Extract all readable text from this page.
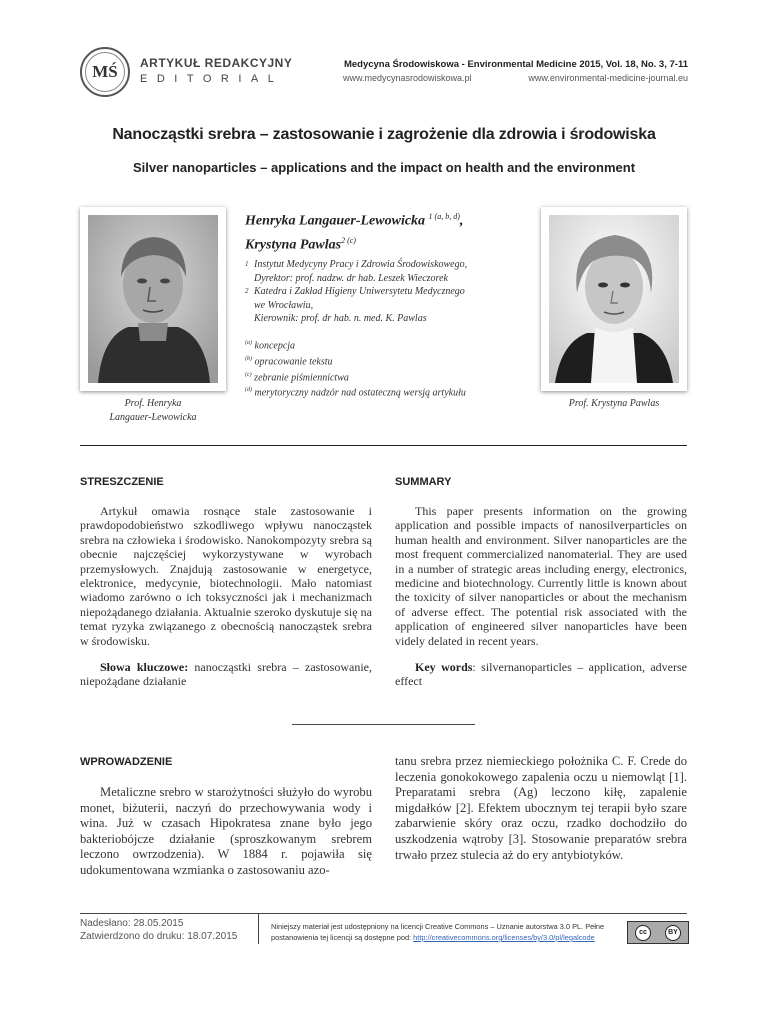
MŚ	ARTYKUŁ REDAKCYJNY
EDITORIAL
Medycyna Środowiskowa - Environmental Medicine 2015, Vol. 18, No. 3, 7-11
www.medycynasrodowiskowa.pl	www.environmental-medicine-journal.eu
Nanocząstki srebra – zastosowanie i zagrożenie dla zdrowia i środowiska
Silver nanoparticles – applications and the impact on health and the environment
Prof. Henryka
Langauer-Lewowicka
Prof. Krystyna Pawlas
Henryka Langauer-Lewowicka $^{1 (a, b, d)}$,
Krystyna Pawlas$^{2 (c)}$
1 Instytut Medycyny Pracy i Zdrowia Środowiskowego,
Dyrektor: prof. nadzw. dr hab. Leszek Wieczorek
2 Katedra i Zakład Higieny Uniwersytetu Medycznego
we Wrocławiu,
Kierownik: prof. dr hab. n. med. K. Pawlas
$^{(a)}$ koncepcja
$^{(b)}$ opracowanie tekstu
$^{(c)}$ zebranie piśmiennictwa
$^{(d)}$ merytoryczny nadzór nad ostateczną wersją artykułu
STRESZCZENIE
Artykuł omawia rosnące stale zastosowanie i prawdopodobieństwo szkodliwego wpływu nanocząstek srebra na człowieka i środowisko. Nanokompozyty srebra są obecnie najczęściej wykorzystywane w wyrobach przemysłowych. Znajdują zastosowanie w energetyce, elektronice, medycynie, biotechnologii. Mało natomiast wiadomo zarówno o ich toksyczności jak i mechanizmach niepożądanego działania. Aktualnie szeroko dyskutuje się na temat ryzyka związanego z obecnością nanocząstek srebra w środowisku.
Słowa kluczowe: nanocząstki srebra – zastosowanie, niepożądane działanie
SUMMARY
This paper presents information on the growing application and possible impacts of nanosilverparticles on human health and environment. Silver nanoparticles are the most frequent commercialized nanomaterial. They are used in a number of strategic areas including energy, electronics, medicine and biotechnology. Currently little is known about the toxicity of silver nanoparticles or about the mechanism of adverse effect. The potential risk associated with the application of engineered silver nanoparticles have been videly delated in recent years.
Key words: silvernanoparticles – application, adverse effect
WPROWADZENIE
Metaliczne srebro w starożytności służyło do wyrobu monet, biżuterii, naczyń do przechowywania wody i wina. Już w czasach Hipokratesa znane było jego bakteriobójcze działanie (sproszkowanym srebrem leczono owrzodzenia). W 1884 r. pojawiła się udokumentowana wzmianka o zastosowaniu azo-
tanu srebra przez niemieckiego położnika C. F. Crede do leczenia gonokokowego zapalenia oczu u niemowląt [1]. Preparatami srebra (Ag) leczono kiłę, zapalenie migdałków [2]. Efektem ubocznym tej terapii było szare zabarwienie skóry oraz oczu, rzadko dochodziło do uszkodzenia wątroby [3]. Stosowanie preparatów srebra trwało przez stulecia aż do ery antybiotyków.
Nadesłano: 28.05.2015
Zatwierdzono do druku: 18.07.2015
Niniejszy materiał jest udostępniony na licencji Creative Commons – Uznanie autorstwa 3.0 PL. Pełne
postanowienia tej licencji są dostępne pod: http://creativecommons.org/licenses/by/3.0/pl/legalcode
cc	BY
